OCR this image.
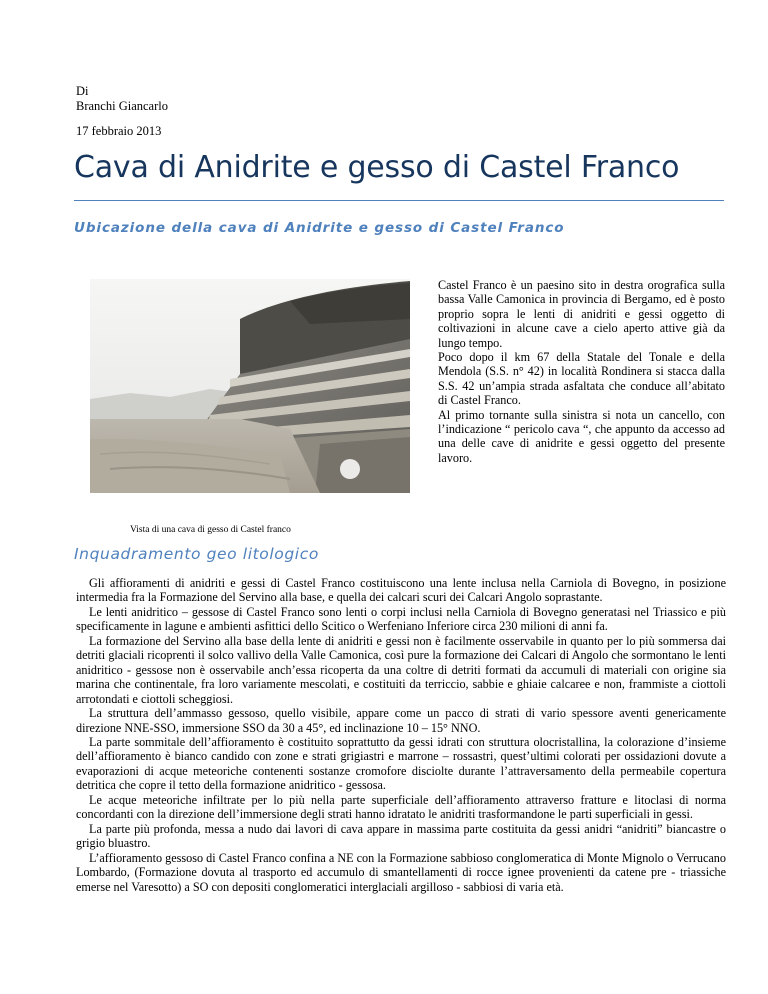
Di
Branchi Giancarlo
17 febbraio 2013
Cava di Anidrite e gesso di Castel Franco
Ubicazione della cava di Anidrite e gesso di Castel Franco
Vista di una cava di gesso di Castel franco

Castel Franco è un paesino sito in destra orografica sulla bassa Valle Camonica in provincia di Bergamo, ed è posto proprio sopra le lenti di anidriti e gessi oggetto di coltivazioni in alcune cave a cielo aperto attive già da lungo tempo.

Poco dopo il km 67 della Statale del Tonale e della Mendola (S.S. n° 42) in località Rondinera si stacca dalla S.S. 42 un’ampia strada asfaltata che conduce all’abitato di Castel Franco.

Al primo tornante sulla sinistra si nota un cancello, con l’indicazione “ pericolo cava “, che appunto da accesso ad una delle cave di anidrite e gessi oggetto del presente lavoro.

Inquadramento geo litologico

Gli affioramenti di anidriti e gessi di Castel Franco costituiscono una lente inclusa nella Carniola di Bovegno, in posizione intermedia fra la Formazione del Servino alla base, e quella dei calcari scuri dei Calcari Angolo soprastante.

Le lenti anidritico – gessose di Castel Franco sono lenti o corpi inclusi nella Carniola di Bovegno generatasi nel Triassico e più specificamente in lagune e ambienti asfittici dello Scitico o Werfeniano Inferiore circa 230 milioni di anni fa.

La formazione del Servino alla base della lente di anidriti e gessi non è facilmente osservabile in quanto per lo più sommersa dai detriti glaciali ricoprenti il solco vallivo della Valle Camonica, così pure la formazione dei Calcari di Angolo che sormontano le lenti anidritico - gessose non è osservabile anch’essa ricoperta da una coltre di detriti formati da accumuli di materiali con origine sia marina che continentale, fra loro variamente mescolati, e costituiti da terriccio, sabbie e ghiaie calcaree e non, frammiste a ciottoli arrotondati e ciottoli scheggiosi.

La struttura dell’ammasso gessoso, quello visibile, appare come un pacco di strati di vario spessore aventi genericamente direzione NNE-SSO, immersione SSO da 30 a 45°, ed inclinazione 10 – 15° NNO.

La parte sommitale dell’affioramento è costituito soprattutto da gessi idrati con struttura olocristallina, la colorazione d’insieme dell’affioramento è bianco candido con zone e strati grigiastri e marrone – rossastri, quest’ultimi colorati per ossidazioni dovute a evaporazioni di acque meteoriche contenenti sostanze cromofore disciolte durante l’attraversamento della permeabile copertura detritica che copre il tetto della formazione anidritico - gessosa.

Le acque meteoriche infiltrate per lo più nella parte superficiale dell’affioramento attraverso fratture e litoclasi di norma concordanti con la direzione dell’immersione degli strati hanno idratato le anidriti trasformandone le parti superficiali in gessi.

La parte più profonda, messa a nudo dai lavori di cava appare in massima parte costituita da gessi anidri “anidriti” biancastre o grigio bluastro.

L’affioramento gessoso di Castel Franco confina a NE con la Formazione sabbioso conglomeratica di Monte Mignolo o Verrucano Lombardo, (Formazione dovuta al trasporto ed accumulo di smantellamenti di rocce ignee provenienti da catene pre - triassiche emerse nel Varesotto) a SO con depositi conglomeratici interglaciali argilloso - sabbiosi di varia età.
